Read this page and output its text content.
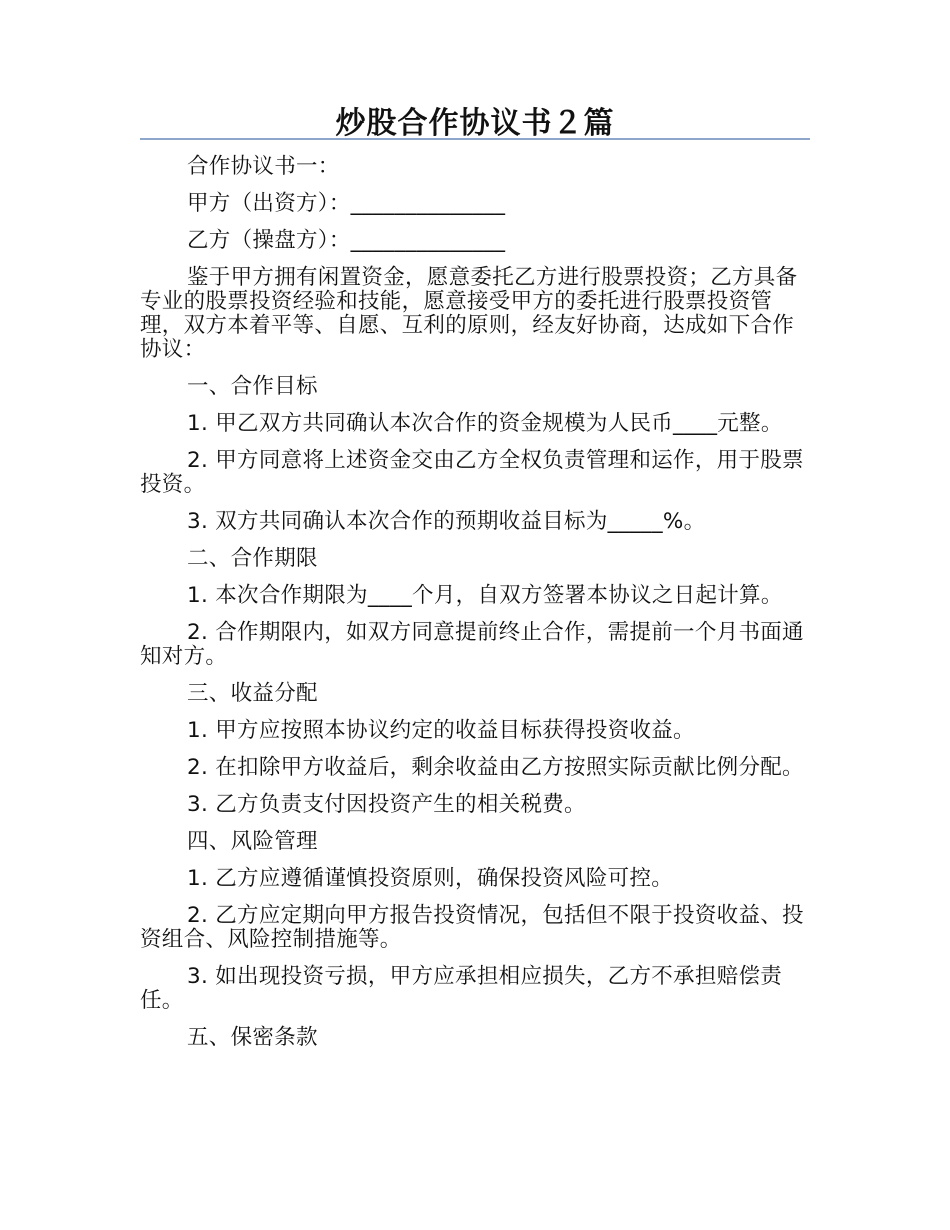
炒股合作协议书２篇

合作协议书一：

甲方（出资方）：______________

乙方（操盘方）：______________

鉴于甲方拥有闲置资金，愿意委托乙方进行股票投资；乙方具备专业的股票投资经验和技能，愿意接受甲方的委托进行股票投资管理，双方本着平等、自愿、互利的原则，经友好协商，达成如下合作协议：

一、合作目标

1. 甲乙双方共同确认本次合作的资金规模为人民币____元整。

2. 甲方同意将上述资金交由乙方全权负责管理和运作，用于股票投资。

3. 双方共同确认本次合作的预期收益目标为_____%。

二、合作期限

1. 本次合作期限为____个月，自双方签署本协议之日起计算。

2. 合作期限内，如双方同意提前终止合作，需提前一个月书面通知对方。

三、收益分配

1. 甲方应按照本协议约定的收益目标获得投资收益。

2. 在扣除甲方收益后，剩余收益由乙方按照实际贡献比例分配。

3. 乙方负责支付因投资产生的相关税费。

四、风险管理

1. 乙方应遵循谨慎投资原则，确保投资风险可控。

2. 乙方应定期向甲方报告投资情况，包括但不限于投资收益、投资组合、风险控制措施等。

3. 如出现投资亏损，甲方应承担相应损失，乙方不承担赔偿责任。

五、保密条款
